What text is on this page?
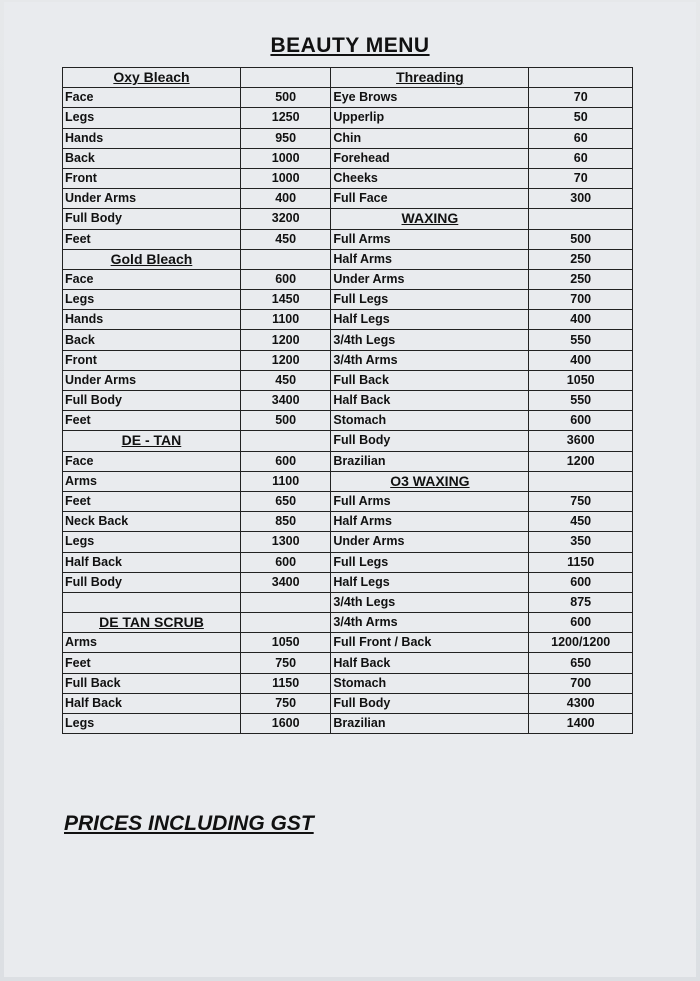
BEAUTY MENU
Oxy Bleach		Threading	
Face	500	Eye Brows	70
Legs	1250	Upperlip	50
Hands	950	Chin	60
Back	1000	Forehead	60
Front	1000	Cheeks	70
Under Arms	400	Full Face	300
Full Body	3200	WAXING	
Feet	450	Full Arms	500
Gold Bleach		Half Arms	250
Face	600	Under Arms	250
Legs	1450	Full Legs	700
Hands	1100	Half Legs	400
Back	1200	3/4th Legs	550
Front	1200	3/4th Arms	400
Under Arms	450	Full Back	1050
Full Body	3400	Half Back	550
Feet	500	Stomach	600
DE - TAN		Full Body	3600
Face	600	Brazilian	1200
Arms	1100	O3 WAXING	
Feet	650	Full Arms	750
Neck Back	850	Half Arms	450
Legs	1300	Under Arms	350
Half Back	600	Full Legs	1150
Full Body	3400	Half Legs	600
		3/4th Legs	875
DE TAN SCRUB		3/4th Arms	600
Arms	1050	Full Front / Back	1200/1200
Feet	750	Half Back	650
Full Back	1150	Stomach	700
Half Back	750	Full Body	4300
Legs	1600	Brazilian	1400
PRICES INCLUDING GST
